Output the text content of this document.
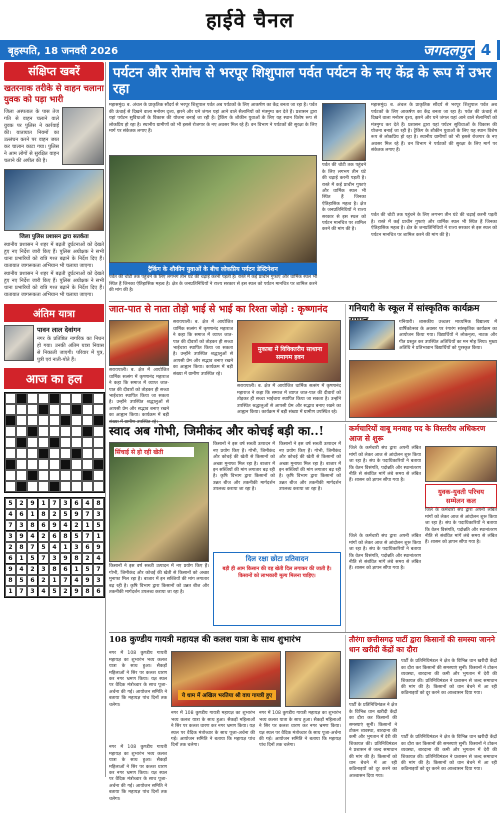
हाईवे चैनल
बृहस्पति, 18 जनवरी 2026	जगदलपुर 4
संक्षिप्त खबरें
खतरनाक तरीके से वाहन चलाना युवक को पड़ा भारी
जिला अस्पताल के पास तेज गति से वाहन चलाने वाले युवक पर पुलिस ने कार्रवाई की। यातायात नियमों का उल्लंघन करने पर वाहन जब्त कर चालान काटा गया। पुलिस ने आम लोगों से सुरक्षित वाहन चलाने की अपील की है।
जिला पुलिस प्रशासन द्वारा सतर्कता
स्थानीय प्रशासन ने शहर में बढ़ती दुर्घटनाओं को देखते हुए नए निर्देश जारी किए हैं। पुलिस अधीक्षक ने सभी थाना प्रभारियों को रात्रि गश्त बढ़ाने के निर्देश दिए हैं। यातायात जागरूकता अभियान भी चलाया जाएगा।
स्थानीय प्रशासन ने शहर में बढ़ती दुर्घटनाओं को देखते हुए नए निर्देश जारी किए हैं। पुलिस अधीक्षक ने सभी थाना प्रभारियों को रात्रि गश्त बढ़ाने के निर्देश दिए हैं। यातायात जागरूकता अभियान भी चलाया जाएगा।
अंतिम यात्रा
पावन लाल देवांगन
नगर के प्रतिष्ठित नागरिक का निधन हो गया। उनकी अंतिम यात्रा निवास से निकाली जाएगी। परिवार में पुत्र, पुत्री एवं नाती-पोते हैं।
आज का हल
5	2	9	1	7	3	6	4	8
4	6	1	8	2	5	9	7	3
7	3	8	6	9	4	2	1	5
3	9	4	2	6	8	5	7	1
2	8	7	5	4	1	3	6	9
6	1	5	7	3	9	8	2	4
9	4	2	3	8	6	1	5	7
8	5	6	2	1	7	4	9	3
1	7	3	4	5	2	9	8	6
पर्यटन और रोमांच से भरपूर शिशुपाल पर्वत पर्यटन के नए केंद्र के रूप में उभर रहा
महासमुंद। ब. अंचल के प्राकृतिक सौंदर्य से भरपूर शिशुपाल पर्वत अब पर्यटकों के लिए आकर्षण का केंद्र बनता जा रहा है। पर्वत की ऊंचाई से दिखने वाला मनोरम दृश्य, झरने और घने जंगल यहां आने वाले सैलानियों को मंत्रमुग्ध कर देते हैं। प्रशासन द्वारा यहां पर्यटन सुविधाओं के विकास की योजना बनाई जा रही है। ट्रैकिंग के शौकीन युवाओं के लिए यह स्थान विशेष रूप से लोकप्रिय हो रहा है। स्थानीय ग्रामीणों को भी इससे रोजगार के नए अवसर मिल रहे हैं। वन विभाग ने पर्यटकों की सुरक्षा के लिए मार्ग पर संकेतक लगाए हैं।
ट्रैकिंग के शौकीन युवाओं के बीच लोकप्रिय पर्यटन डेस्टिनेशन
पर्वत की चोटी तक पहुंचने के लिए लगभग तीन घंटे की चढ़ाई करनी पड़ती है। रास्ते में कई प्राचीन गुफाएं और धार्मिक स्थल भी स्थित हैं जिनका ऐतिहासिक महत्व है। क्षेत्र के जनप्रतिनिधियों ने राज्य सरकार से इस स्थल को पर्यटन मानचित्र पर शामिल करने की मांग की है।
पर्वत की चोटी तक पहुंचने के लिए लगभग तीन घंटे की चढ़ाई करनी पड़ती है। रास्ते में कई प्राचीन गुफाएं और धार्मिक स्थल भी स्थित हैं जिनका ऐतिहासिक महत्व है। क्षेत्र के जनप्रतिनिधियों ने राज्य सरकार से इस स्थल को पर्यटन मानचित्र पर शामिल करने की मांग की है।
महासमुंद। ब. अंचल के प्राकृतिक सौंदर्य से भरपूर शिशुपाल पर्वत अब पर्यटकों के लिए आकर्षण का केंद्र बनता जा रहा है। पर्वत की ऊंचाई से दिखने वाला मनोरम दृश्य, झरने और घने जंगल यहां आने वाले सैलानियों को मंत्रमुग्ध कर देते हैं। प्रशासन द्वारा यहां पर्यटन सुविधाओं के विकास की योजना बनाई जा रही है। ट्रैकिंग के शौकीन युवाओं के लिए यह स्थान विशेष रूप से लोकप्रिय हो रहा है। स्थानीय ग्रामीणों को भी इससे रोजगार के नए अवसर मिल रहे हैं। वन विभाग ने पर्यटकों की सुरक्षा के लिए मार्ग पर संकेतक लगाए हैं।
पर्वत की चोटी तक पहुंचने के लिए लगभग तीन घंटे की चढ़ाई करनी पड़ती है। रास्ते में कई प्राचीन गुफाएं और धार्मिक स्थल भी स्थित हैं जिनका ऐतिहासिक महत्व है। क्षेत्र के जनप्रतिनिधियों ने राज्य सरकार से इस स्थल को पर्यटन मानचित्र पर शामिल करने की मांग की है।
जात-पात से नाता तोड़ो भाई से भाई का रिश्ता जोड़ो : कृष्णानंद
सरायपाली। ब. क्षेत्र में आयोजित धार्मिक सत्संग में कृष्णानंद महाराज ने कहा कि समाज में व्याप्त जात-पात की दीवारों को तोड़कर ही सच्चा भाईचारा स्थापित किया जा सकता है। उन्होंने उपस्थित श्रद्धालुओं से आपसी प्रेम और सद्भाव बनाए रखने का आह्वान किया। कार्यक्रम में बड़ी संख्या में ग्रामीण उपस्थित रहे।
सरायपाली। ब. क्षेत्र में आयोजित धार्मिक सत्संग में कृष्णानंद महाराज ने कहा कि समाज में व्याप्त जात-पात की दीवारों को तोड़कर ही सच्चा भाईचारा स्थापित किया जा सकता है। उन्होंने उपस्थित श्रद्धालुओं से आपसी प्रेम और सद्भाव बनाए रखने का आह्वान किया। कार्यक्रम में बड़ी संख्या में ग्रामीण उपस्थित रहे।
मुकाबा में विविक्तरीय साधाना समागम हवन
सरायपाली। ब. क्षेत्र में आयोजित धार्मिक सत्संग में कृष्णानंद महाराज ने कहा कि समाज में व्याप्त जात-पात की दीवारों को तोड़कर ही सच्चा भाईचारा स्थापित किया जा सकता है। उन्होंने उपस्थित श्रद्धालुओं से आपसी प्रेम और सद्भाव बनाए रखने का आह्वान किया। कार्यक्रम में बड़ी संख्या में ग्रामीण उपस्थित रहे।
गनियारी के स्कूल में सांस्कृतिक कार्यक्रम
गनियारी। शासकीय उच्चतर माध्यमिक विद्यालय में वार्षिकोत्सव के अवसर पर रंगारंग सांस्कृतिक कार्यक्रम का आयोजन किया गया। विद्यार्थियों ने लोकनृत्य, नाटक और गीत प्रस्तुत कर उपस्थित अतिथियों का मन मोह लिया। मुख्य अतिथि ने प्रतिभावान विद्यार्थियों को पुरस्कृत किया।
स्वाद अब गोभी, जिमीकंद और कोचई बड़ी का..!
सिंचाई से हो रही खेती
किसानों ने इस वर्ष सब्जी उत्पादन में नए प्रयोग किए हैं। गोभी, जिमीकंद और कोचई की खेती से किसानों को अच्छा मुनाफा मिल रहा है। बाजार में इन सब्जियों की मांग लगातार बढ़ रही है। कृषि विभाग द्वारा किसानों को उन्नत बीज और तकनीकी मार्गदर्शन उपलब्ध कराया जा रहा है।
किसानों ने इस वर्ष सब्जी उत्पादन में नए प्रयोग किए हैं। गोभी, जिमीकंद और कोचई की खेती से किसानों को अच्छा मुनाफा मिल रहा है। बाजार में इन सब्जियों की मांग लगातार बढ़ रही है। कृषि विभाग द्वारा किसानों को उन्नत बीज और तकनीकी मार्गदर्शन उपलब्ध कराया जा रहा है।
किसानों ने इस वर्ष सब्जी उत्पादन में नए प्रयोग किए हैं। गोभी, जिमीकंद और कोचई की खेती से किसानों को अच्छा मुनाफा मिल रहा है। बाजार में इन सब्जियों की मांग लगातार बढ़ रही है। कृषि विभाग द्वारा किसानों को उन्नत बीज और तकनीकी मार्गदर्शन उपलब्ध कराया जा रहा है।
दिल रक्षा छोटा प्रतिवादन
बड़ी ही आम किसान की वह खेती दिल लगाकर की जाती है। किसानों को लाभकारी मूल्य मिलना चाहिए।
कर्मचारियों वाबू मनवाह पद के विस्तरीय अधिकरण आज से शुरू
जिले के कर्मचारी संघ द्वारा अपनी लंबित मांगों को लेकर आज से आंदोलन शुरू किया जा रहा है। संघ के पदाधिकारियों ने बताया कि वेतन विसंगति, पदोन्नति और स्थानांतरण नीति से संबंधित मांगें लंबे समय से लंबित हैं। शासन को ज्ञापन सौंपा गया है।
युवक-युवती परिचय सम्मेलन कल
जिले के कर्मचारी संघ द्वारा अपनी लंबित मांगों को लेकर आज से आंदोलन शुरू किया जा रहा है। संघ के पदाधिकारियों ने बताया कि वेतन विसंगति, पदोन्नति और स्थानांतरण नीति से संबंधित मांगें लंबे समय से लंबित हैं। शासन को ज्ञापन सौंपा गया है।
जिले के कर्मचारी संघ द्वारा अपनी लंबित मांगों को लेकर आज से आंदोलन शुरू किया जा रहा है। संघ के पदाधिकारियों ने बताया कि वेतन विसंगति, पदोन्नति और स्थानांतरण नीति से संबंधित मांगें लंबे समय से लंबित हैं। शासन को ज्ञापन सौंपा गया है।
108 कुण्डीय गायत्री महायज्ञ की कलश यात्रा के साथ शुभारंभ
नगर में 108 कुण्डीय गायत्री महायज्ञ का शुभारंभ भव्य कलश यात्रा के साथ हुआ। सैकड़ों महिलाओं ने सिर पर कलश धारण कर नगर भ्रमण किया। यज्ञ स्थल पर वैदिक मंत्रोच्चार के साथ पूजा-अर्चना की गई। आयोजन समिति ने बताया कि महायज्ञ पांच दिनों तक चलेगा।
ये धाम में अखिल भरतिया श्री वाघ गायत्री हुए
नगर में 108 कुण्डीय गायत्री महायज्ञ का शुभारंभ भव्य कलश यात्रा के साथ हुआ। सैकड़ों महिलाओं ने सिर पर कलश धारण कर नगर भ्रमण किया। यज्ञ स्थल पर वैदिक मंत्रोच्चार के साथ पूजा-अर्चना की गई। आयोजन समिति ने बताया कि महायज्ञ पांच दिनों तक चलेगा।
नगर में 108 कुण्डीय गायत्री महायज्ञ का शुभारंभ भव्य कलश यात्रा के साथ हुआ। सैकड़ों महिलाओं ने सिर पर कलश धारण कर नगर भ्रमण किया। यज्ञ स्थल पर वैदिक मंत्रोच्चार के साथ पूजा-अर्चना की गई। आयोजन समिति ने बताया कि महायज्ञ पांच दिनों तक चलेगा।
नगर में 108 कुण्डीय गायत्री महायज्ञ का शुभारंभ भव्य कलश यात्रा के साथ हुआ। सैकड़ों महिलाओं ने सिर पर कलश धारण कर नगर भ्रमण किया। यज्ञ स्थल पर वैदिक मंत्रोच्चार के साथ पूजा-अर्चना की गई। आयोजन समिति ने बताया कि महायज्ञ पांच दिनों तक चलेगा।
तौरंगा छत्तीसगढ़ पार्टी द्वारा किसानों की समस्या जानने धान खरीदी केंद्रों का दौरा
पार्टी के प्रतिनिधिमंडल ने क्षेत्र के विभिन्न धान खरीदी केंद्रों का दौरा कर किसानों की समस्याएं सुनीं। किसानों ने टोकन व्यवस्था, बारदाना की कमी और भुगतान में देरी की शिकायत की। प्रतिनिधिमंडल ने प्रशासन से जल्द समाधान की मांग की है। किसानों को धान बेचने में आ रही कठिनाइयों को दूर करने का आश्वासन दिया गया।
पार्टी के प्रतिनिधिमंडल ने क्षेत्र के विभिन्न धान खरीदी केंद्रों का दौरा कर किसानों की समस्याएं सुनीं। किसानों ने टोकन व्यवस्था, बारदाना की कमी और भुगतान में देरी की शिकायत की। प्रतिनिधिमंडल ने प्रशासन से जल्द समाधान की मांग की है। किसानों को धान बेचने में आ रही कठिनाइयों को दूर करने का आश्वासन दिया गया।
पार्टी के प्रतिनिधिमंडल ने क्षेत्र के विभिन्न धान खरीदी केंद्रों का दौरा कर किसानों की समस्याएं सुनीं। किसानों ने टोकन व्यवस्था, बारदाना की कमी और भुगतान में देरी की शिकायत की। प्रतिनिधिमंडल ने प्रशासन से जल्द समाधान की मांग की है। किसानों को धान बेचने में आ रही कठिनाइयों को दूर करने का आश्वासन दिया गया।
